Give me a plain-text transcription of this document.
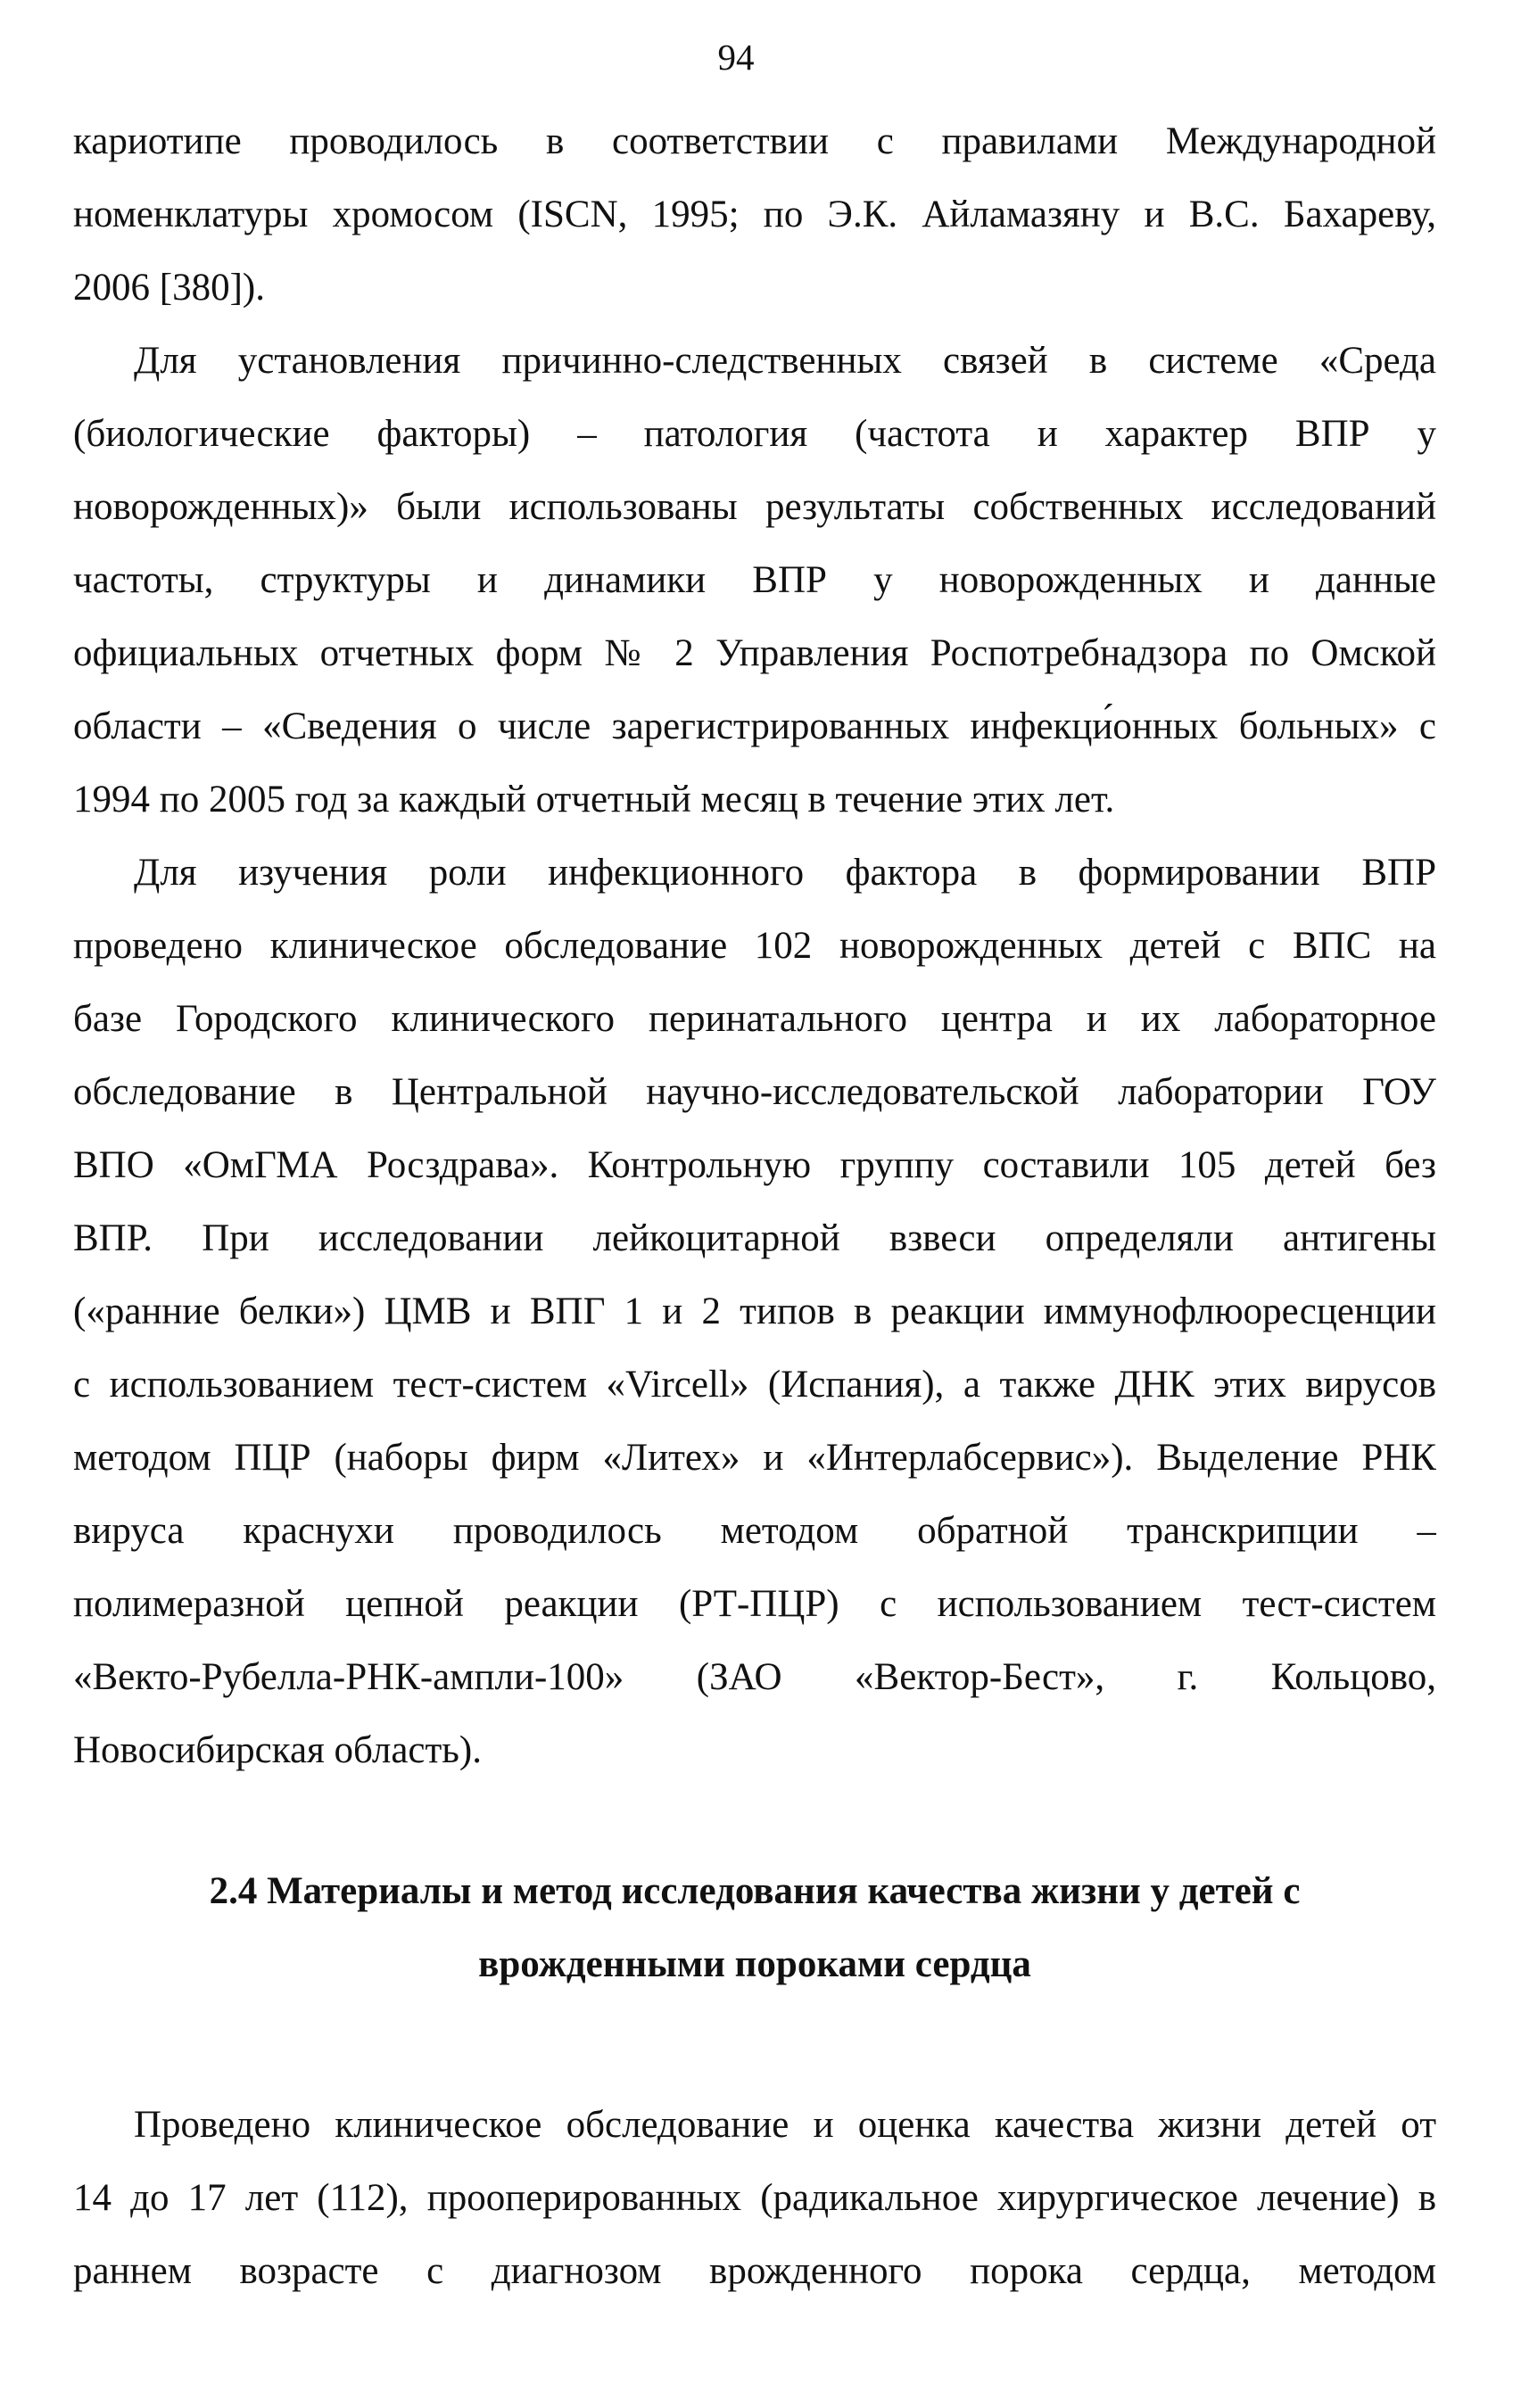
94
кариотипе проводилось в соответствии с правилами Международной
номенклатуры хромосом (ISCN, 1995; по Э.К. Айламазяну и В.С. Бахареву,
2006 [380]).
Для установления причинно-следственных связей в системе «Среда
(биологические факторы) – патология (частота и характер ВПР у
новорожденных)» были использованы результаты собственных исследований
частоты, структуры и динамики ВПР у новорожденных и данные
официальных отчетных форм № 2 Управления Роспотребнадзора по Омской
области – «Сведения о числе зарегистрированных инфекци́онных больных» с
1994 по 2005 год за каждый отчетный месяц в течение этих лет.
Для изучения роли инфекционного фактора в формировании ВПР
проведено клиническое обследование 102 новорожденных детей с ВПС на
базе Городского клинического перинатального центра и их лабораторное
обследование в Центральной научно-исследовательской лаборатории ГОУ
ВПО «ОмГМА Росздрава». Контрольную группу составили 105 детей без
ВПР. При исследовании лейкоцитарной взвеси определяли антигены
(«ранние белки») ЦМВ и ВПГ 1 и 2 типов в реакции иммунофлюоресценции
с использованием тест-систем «Vircell» (Испания), а также ДНК этих вирусов
методом ПЦР (наборы фирм «Литех» и «Интерлабсервис»). Выделение РНК
вируса краснухи проводилось методом обратной транскрипции –
полимеразной цепной реакции (РТ-ПЦР) с использованием тест-систем
«Векто-Рубелла-РНК-ампли-100» (ЗАО «Вектор-Бест», г. Кольцово,
Новосибирская область).
2.4 Материалы и метод исследования качества жизни у детей с
врожденными пороками сердца
Проведено клиническое обследование и оценка качества жизни детей от
14 до 17 лет (112), прооперированных (радикальное хирургическое лечение) в
раннем возрасте с диагнозом врожденного порока сердца, методом
